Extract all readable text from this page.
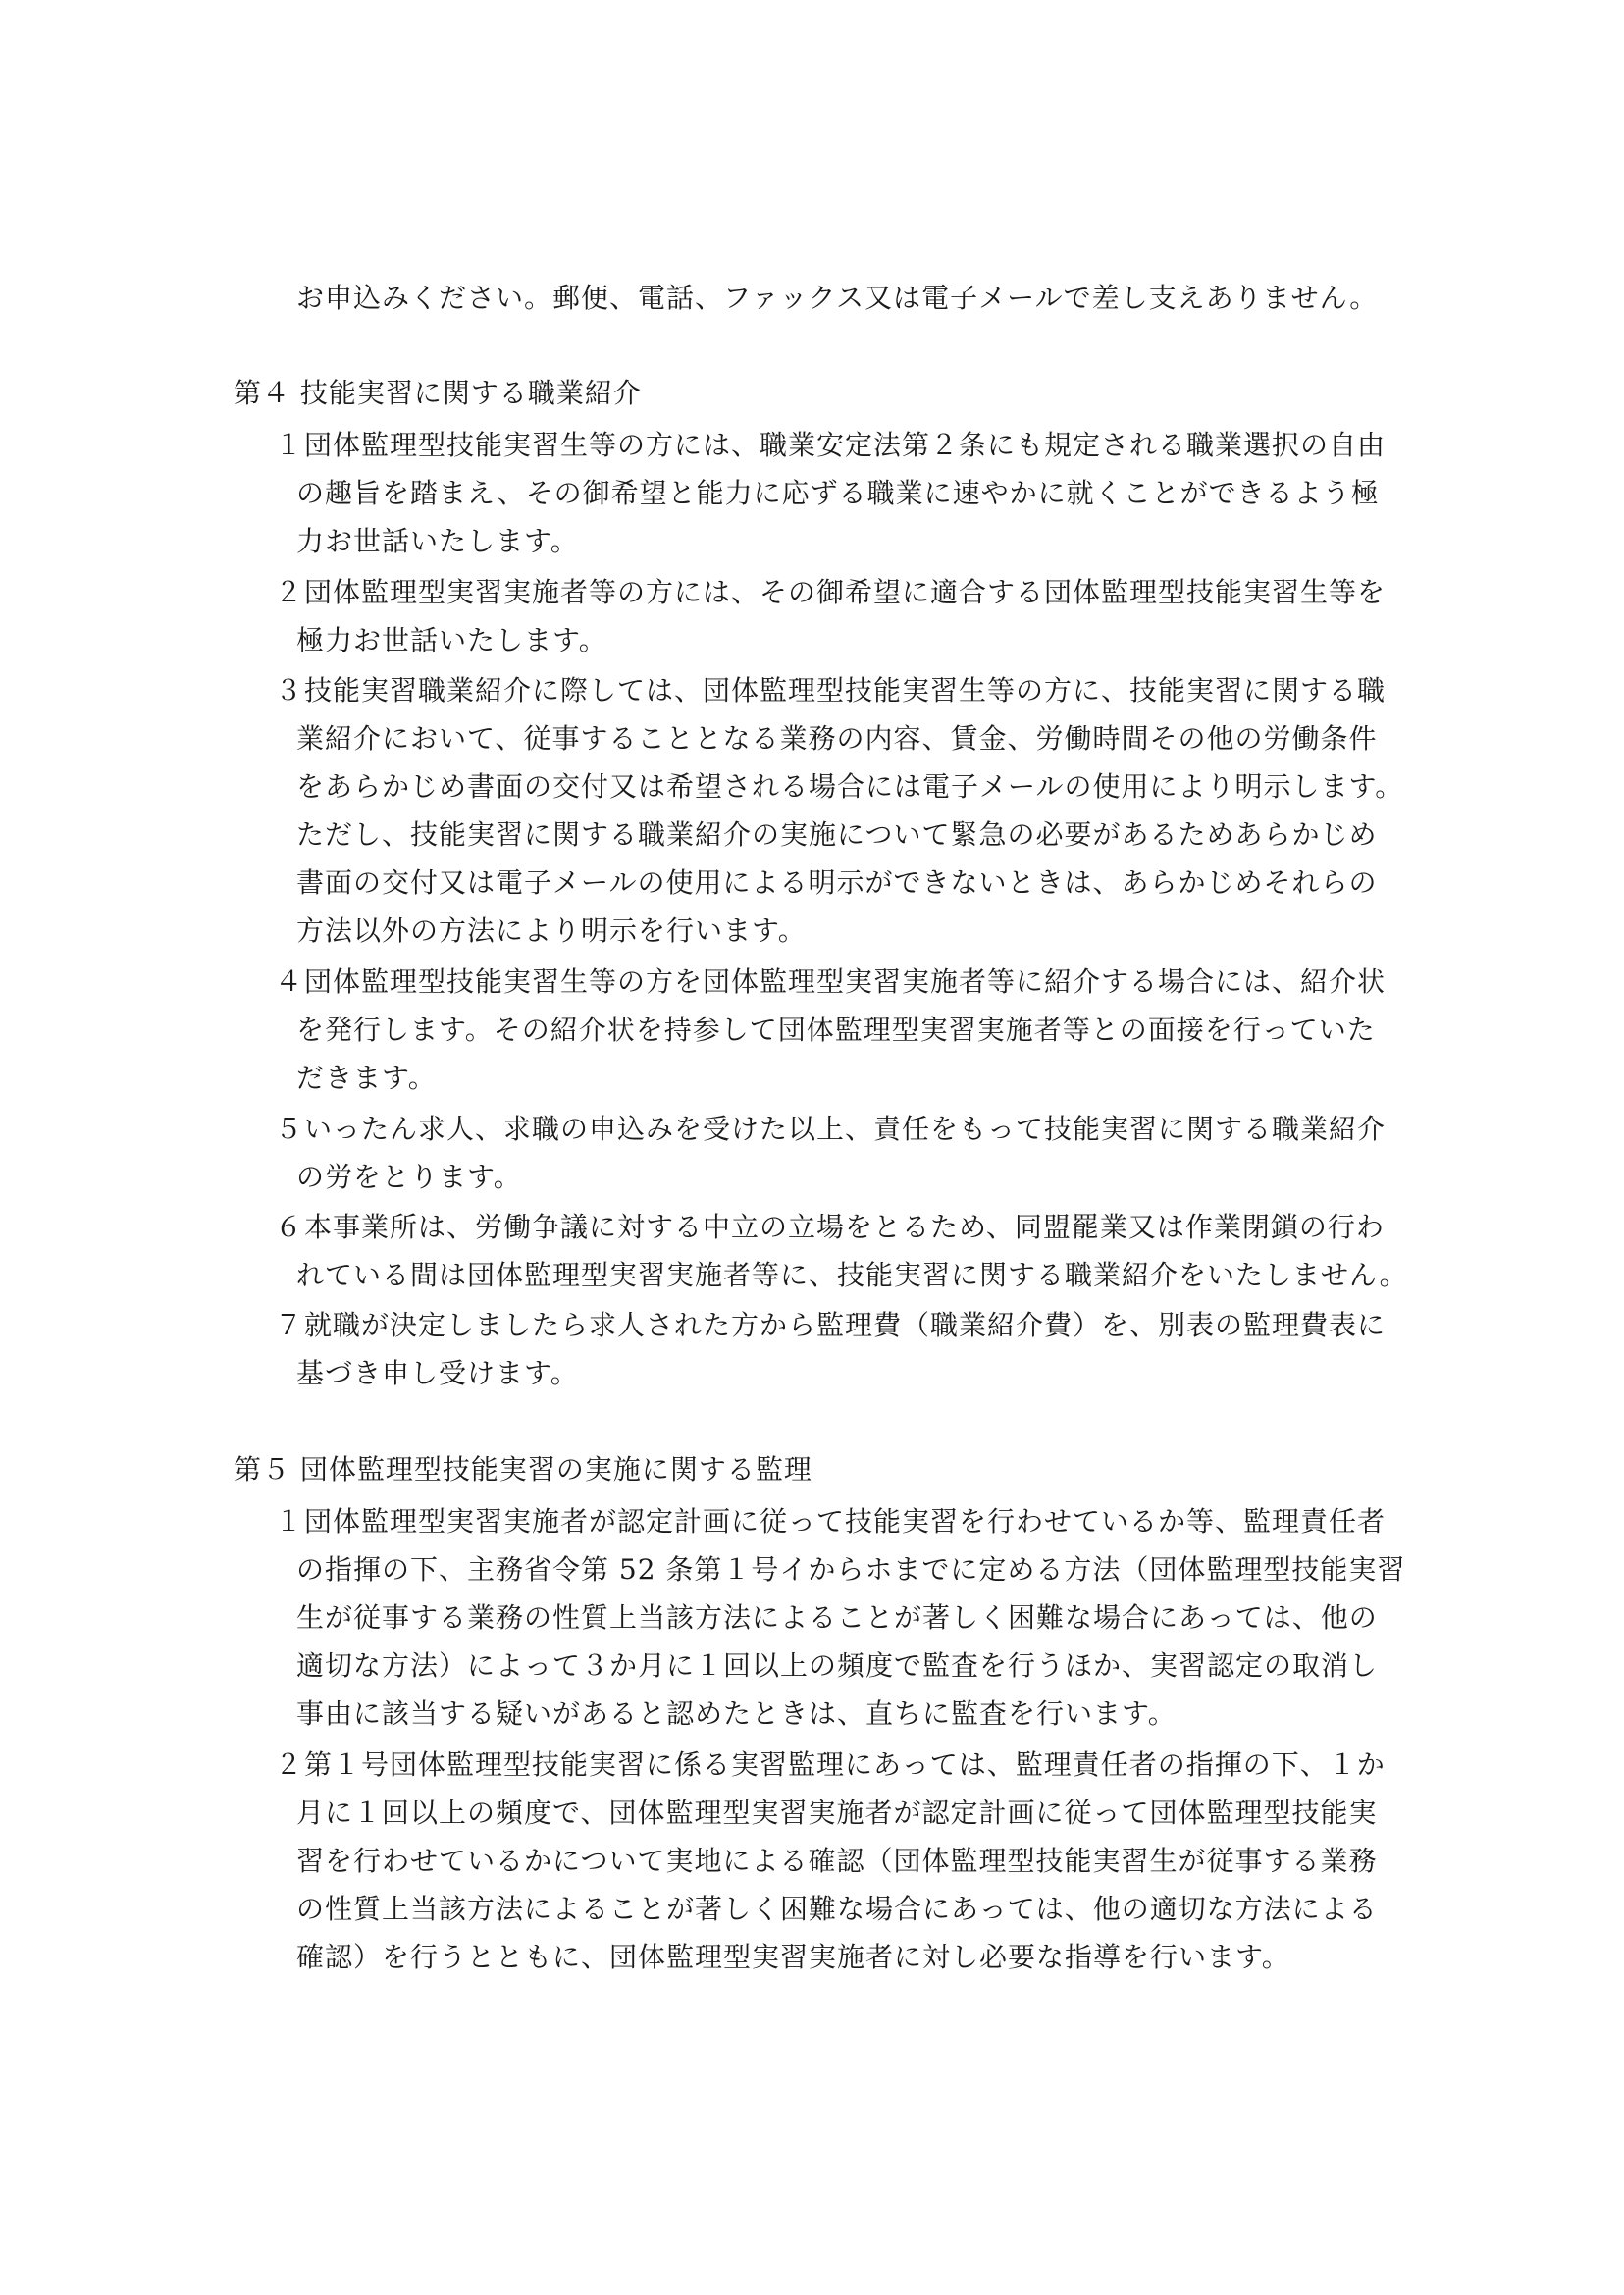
お申込みください。郵便、電話、ファックス又は電子メールで差し支えありません。
第４ 技能実習に関する職業紹介
１団体監理型技能実習生等の方には、職業安定法第２条にも規定される職業選択の自由
の趣旨を踏まえ、その御希望と能力に応ずる職業に速やかに就くことができるよう極
力お世話いたします。
２団体監理型実習実施者等の方には、その御希望に適合する団体監理型技能実習生等を
極力お世話いたします。
３技能実習職業紹介に際しては、団体監理型技能実習生等の方に、技能実習に関する職
業紹介において、従事することとなる業務の内容、賃金、労働時間その他の労働条件
をあらかじめ書面の交付又は希望される場合には電子メールの使用により明示します。
ただし、技能実習に関する職業紹介の実施について緊急の必要があるためあらかじめ
書面の交付又は電子メールの使用による明示ができないときは、あらかじめそれらの
方法以外の方法により明示を行います。
４団体監理型技能実習生等の方を団体監理型実習実施者等に紹介する場合には、紹介状
を発行します。その紹介状を持参して団体監理型実習実施者等との面接を行っていた
だきます。
５いったん求人、求職の申込みを受けた以上、責任をもって技能実習に関する職業紹介
の労をとります。
６本事業所は、労働争議に対する中立の立場をとるため、同盟罷業又は作業閉鎖の行わ
れている間は団体監理型実習実施者等に、技能実習に関する職業紹介をいたしません。
７就職が決定しましたら求人された方から監理費（職業紹介費）を、別表の監理費表に
基づき申し受けます。
第５ 団体監理型技能実習の実施に関する監理
１団体監理型実習実施者が認定計画に従って技能実習を行わせているか等、監理責任者
の指揮の下、主務省令第 52 条第１号イからホまでに定める方法（団体監理型技能実習
生が従事する業務の性質上当該方法によることが著しく困難な場合にあっては、他の
適切な方法）によって３か月に１回以上の頻度で監査を行うほか、実習認定の取消し
事由に該当する疑いがあると認めたときは、直ちに監査を行います。
２第１号団体監理型技能実習に係る実習監理にあっては、監理責任者の指揮の下、１か
月に１回以上の頻度で、団体監理型実習実施者が認定計画に従って団体監理型技能実
習を行わせているかについて実地による確認（団体監理型技能実習生が従事する業務
の性質上当該方法によることが著しく困難な場合にあっては、他の適切な方法による
確認）を行うとともに、団体監理型実習実施者に対し必要な指導を行います。
